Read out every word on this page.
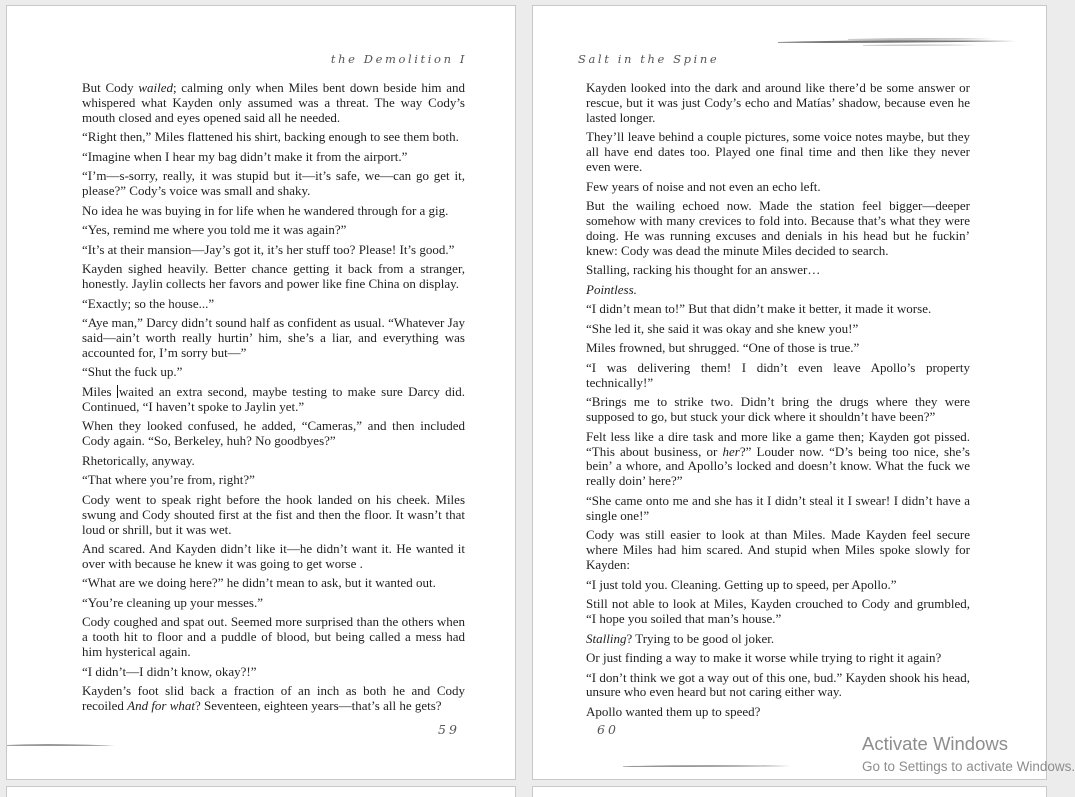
the Demolition I

But Cody wailed; calming only when Miles bent down beside him and whispered what Kayden only assumed was a threat. The way Cody’s mouth closed and eyes opened said all he needed.

“Right then,” Miles flattened his shirt, backing enough to see them both.

“Imagine when I hear my bag didn’t make it from the airport.”

“I’m—s-sorry, really, it was stupid but it—it’s safe, we—can go get it, please?” Cody’s voice was small and shaky.

No idea he was buying in for life when he wandered through for a gig.

“Yes, remind me where you told me it was again?”

“It’s at their mansion—Jay’s got it, it’s her stuff too? Please! It’s good.”

Kayden sighed heavily. Better chance getting it back from a stranger, honestly. Jaylin collects her favors and power like fine China on display.

“Exactly; so the house...”

“Aye man,” Darcy didn’t sound half as confident as usual. “Whatever Jay said—ain’t worth really hurtin’ him, she’s a liar, and everything was accounted for, I’m sorry but—”

“Shut the fuck up.”

Miles waited an extra second, maybe testing to make sure Darcy did. Continued, “I haven’t spoke to Jaylin yet.”

When they looked confused, he added, “Cameras,” and then included Cody again. “So, Berkeley, huh? No goodbyes?”

Rhetorically, anyway.

“That where you’re from, right?”

Cody went to speak right before the hook landed on his cheek. Miles swung and Cody shouted first at the fist and then the floor. It wasn’t that loud or shrill, but it was wet.

And scared. And Kayden didn’t like it—he didn’t want it. He wanted it over with because he knew it was going to get worse .

“What are we doing here?” he didn’t mean to ask, but it wanted out.

“You’re cleaning up your messes.”

Cody coughed and spat out. Seemed more surprised than the others when a tooth hit to floor and a puddle of blood, but being called a mess had him hysterical again.

“I didn’t—I didn’t know, okay?!”

Kayden’s foot slid back a fraction of an inch as both he and Cody recoiled And for what? Seventeen, eighteen years—that’s all he gets?

59
Salt in the Spine

Kayden looked into the dark and around like there’d be some answer or rescue, but it was just Cody’s echo and Matías’ shadow, because even he lasted longer.

They’ll leave behind a couple pictures, some voice notes maybe, but they all have end dates too. Played one final time and then like they never even were.

Few years of noise and not even an echo left.

But the wailing echoed now. Made the station feel bigger—deeper somehow with many crevices to fold into. Because that’s what they were doing. He was running excuses and denials in his head but he fuckin’ knew: Cody was dead the minute Miles decided to search.

Stalling, racking his thought for an answer…

Pointless.

“I didn’t mean to!” But that didn’t make it better, it made it worse.

“She led it, she said it was okay and she knew you!”

Miles frowned, but shrugged. “One of those is true.”

“I was delivering them! I didn’t even leave Apollo’s property technically!”

“Brings me to strike two. Didn’t bring the drugs where they were supposed to go, but stuck your dick where it shouldn’t have been?”

Felt less like a dire task and more like a game then; Kayden got pissed. “This about business, or her?” Louder now. “D’s being too nice, she’s bein’ a whore, and Apollo’s locked and doesn’t know. What the fuck we really doin’ here?”

“She came onto me and she has it I didn’t steal it I swear! I didn’t have a single one!”

Cody was still easier to look at than Miles. Made Kayden feel secure where Miles had him scared. And stupid when Miles spoke slowly for Kayden:

“I just told you. Cleaning. Getting up to speed, per Apollo.”

Still not able to look at Miles, Kayden crouched to Cody and grumbled, “I hope you soiled that man’s house.”

Stalling? Trying to be good ol joker.

Or just finding a way to make it worse while trying to right it again?

“I don’t think we got a way out of this one, bud.” Kayden shook his head, unsure who even heard but not caring either way.

Apollo wanted them up to speed?

60
Activate Windows
Go to Settings to activate Windows.
